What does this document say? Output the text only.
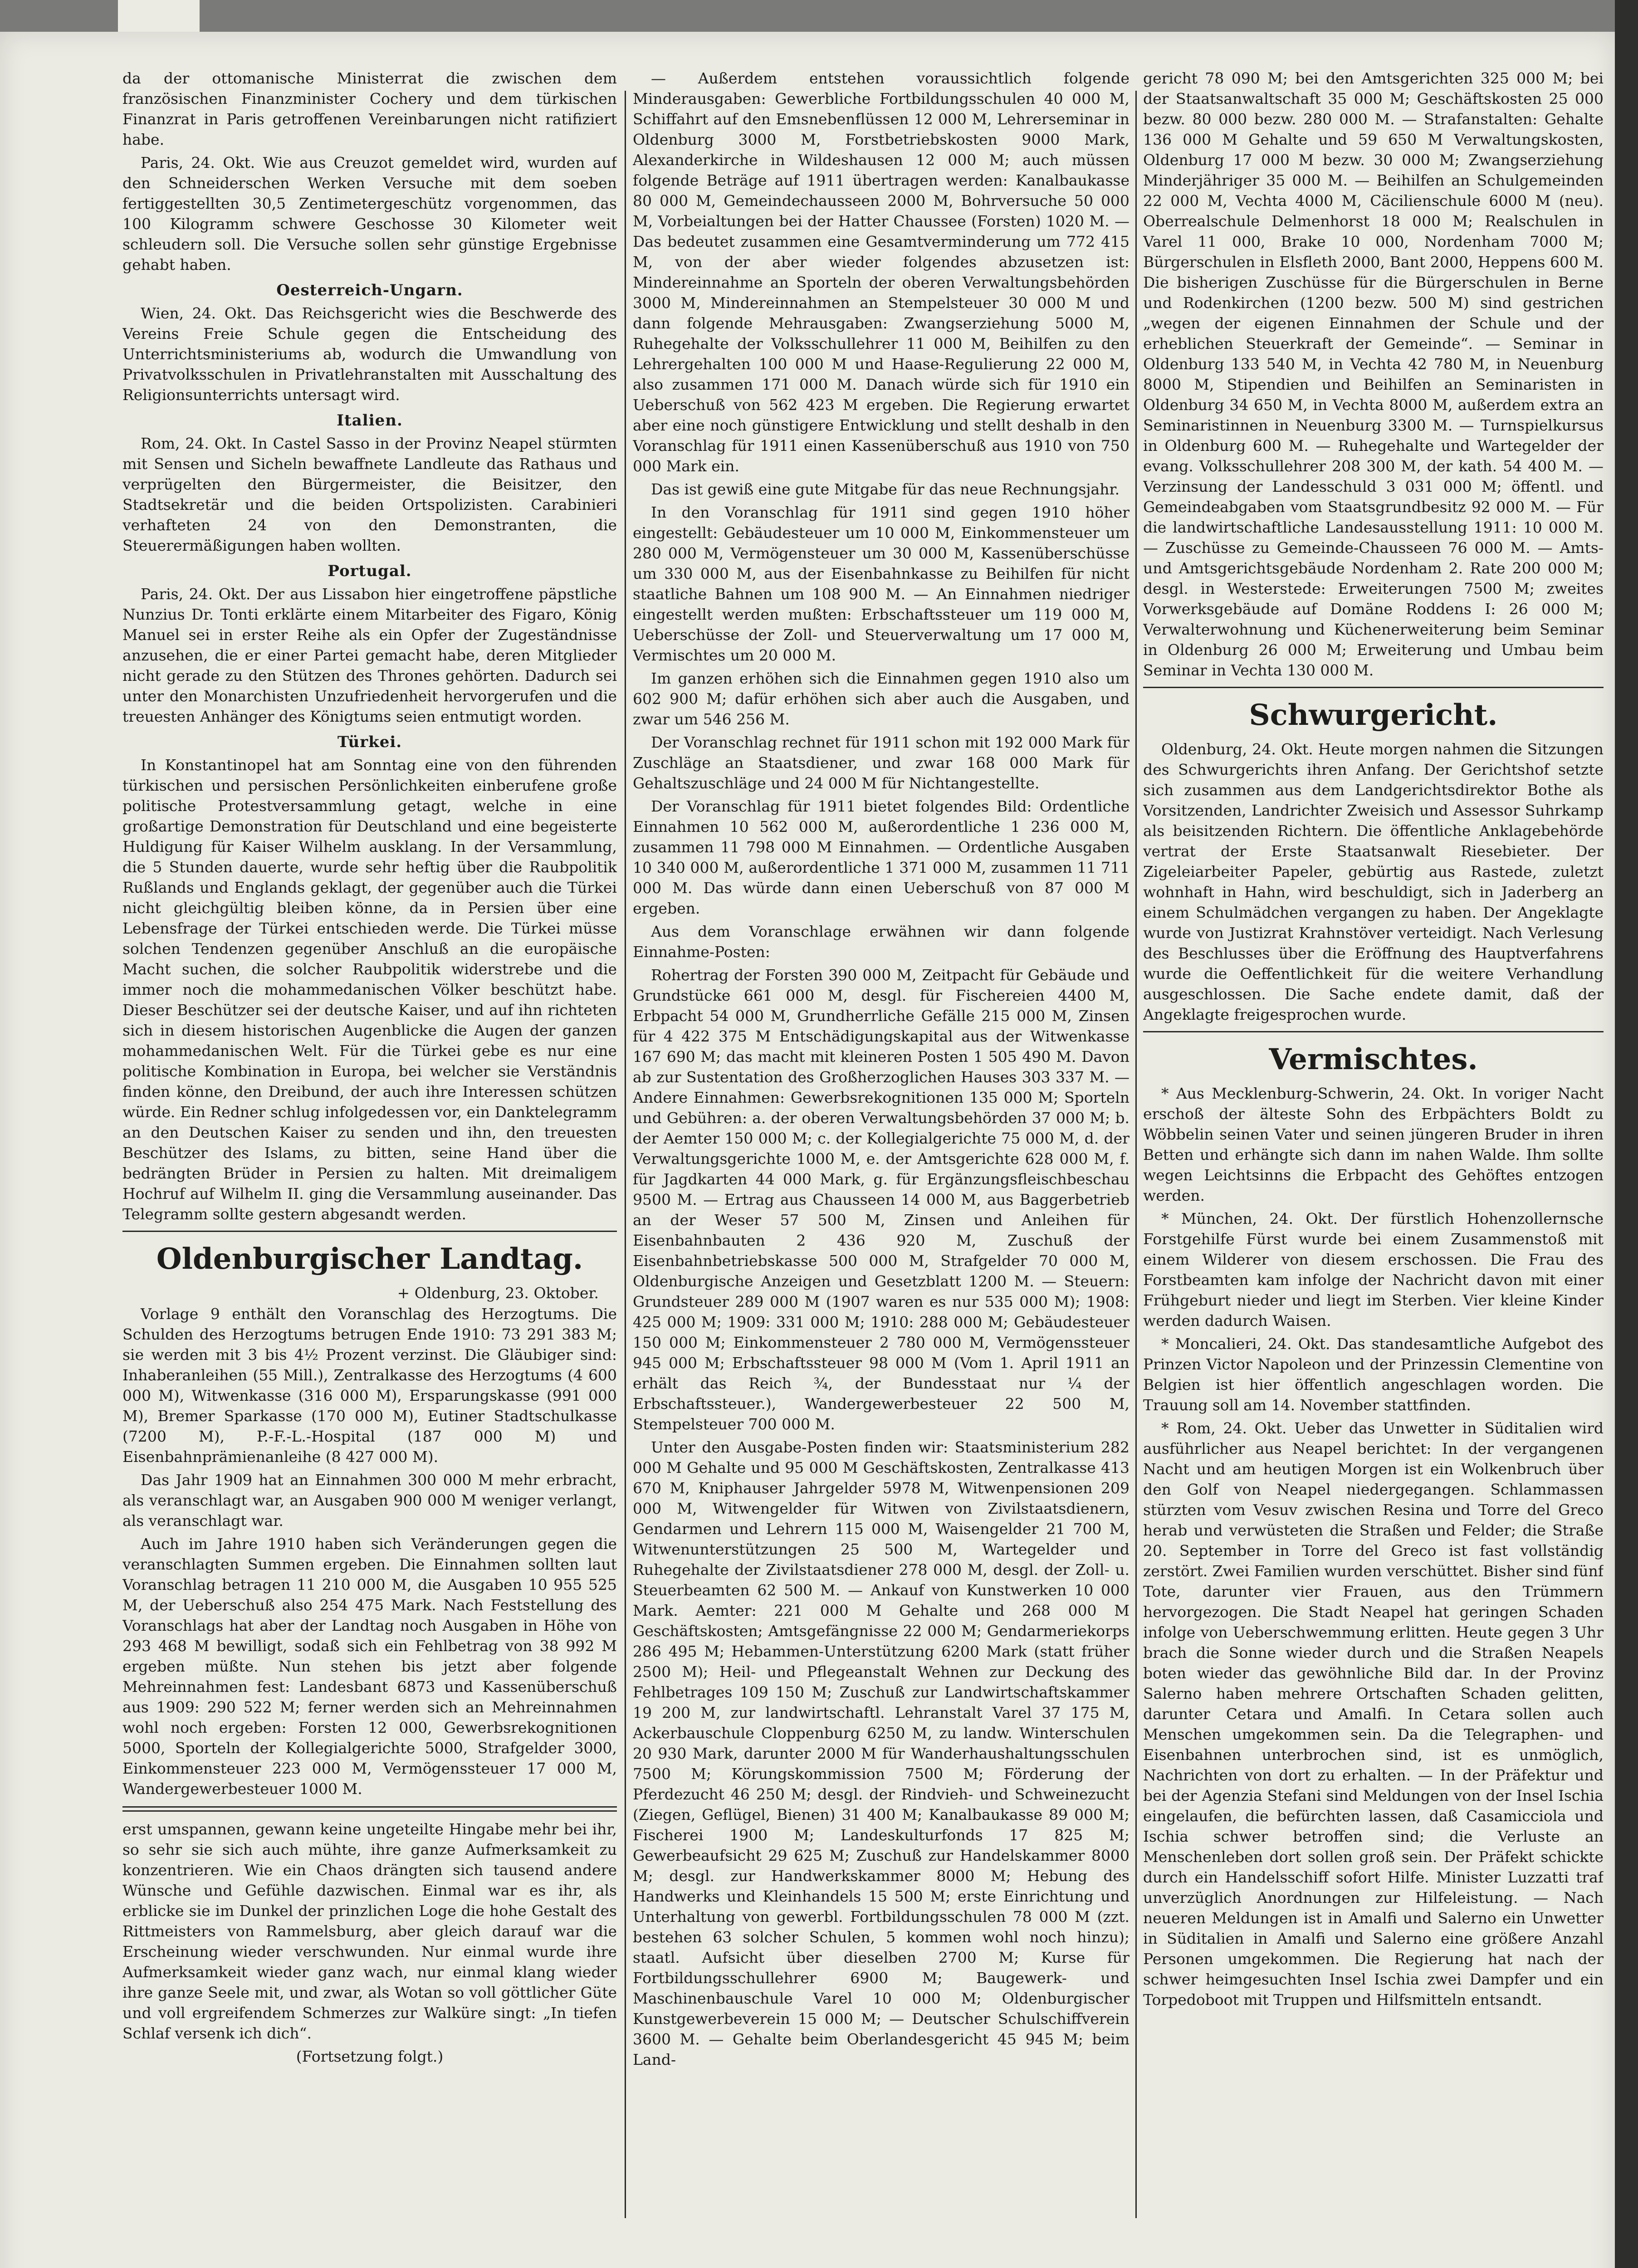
da der ottomanische Ministerrat die zwischen dem französischen Finanzminister Cochery und dem türkischen Finanzrat in Paris getroffenen Vereinbarungen nicht ratifiziert habe.

Paris, 24. Okt. Wie aus Creuzot gemeldet wird, wurden auf den Schneiderschen Werken Versuche mit dem soeben fertiggestellten 30,5 Zentimetergeschütz vorgenommen, das 100 Kilogramm schwere Geschosse 30 Kilometer weit schleudern soll. Die Versuche sollen sehr günstige Ergebnisse gehabt haben.

Oesterreich-Ungarn.

Wien, 24. Okt. Das Reichsgericht wies die Beschwerde des Vereins Freie Schule gegen die Entscheidung des Unterrichtsministeriums ab, wodurch die Umwandlung von Privatvolksschulen in Privatlehranstalten mit Ausschaltung des Religionsunterrichts untersagt wird.

Italien.

Rom, 24. Okt. In Castel Sasso in der Provinz Neapel stürmten mit Sensen und Sicheln bewaffnete Landleute das Rathaus und verprügelten den Bürgermeister, die Beisitzer, den Stadtsekretär und die beiden Ortspolizisten. Carabinieri verhafteten 24 von den Demonstranten, die Steuerermäßigungen haben wollten.

Portugal.

Paris, 24. Okt. Der aus Lissabon hier eingetroffene päpstliche Nunzius Dr. Tonti erklärte einem Mitarbeiter des Figaro, König Manuel sei in erster Reihe als ein Opfer der Zugeständnisse anzusehen, die er einer Partei gemacht habe, deren Mitglieder nicht gerade zu den Stützen des Thrones gehörten. Dadurch sei unter den Monarchisten Unzufriedenheit hervorgerufen und die treuesten Anhänger des Königtums seien entmutigt worden.

Türkei.

In Konstantinopel hat am Sonntag eine von den führenden türkischen und persischen Persönlichkeiten einberufene große politische Protestversammlung getagt, welche in eine großartige Demonstration für Deutschland und eine begeisterte Huldigung für Kaiser Wilhelm ausklang. In der Versammlung, die 5 Stunden dauerte, wurde sehr heftig über die Raubpolitik Rußlands und Englands geklagt, der gegenüber auch die Türkei nicht gleichgültig bleiben könne, da in Persien über eine Lebensfrage der Türkei entschieden werde. Die Türkei müsse solchen Tendenzen gegenüber Anschluß an die europäische Macht suchen, die solcher Raubpolitik widerstrebe und die immer noch die mohammedanischen Völker beschützt habe. Dieser Beschützer sei der deutsche Kaiser, und auf ihn richteten sich in diesem historischen Augenblicke die Augen der ganzen mohammedanischen Welt. Für die Türkei gebe es nur eine politische Kombination in Europa, bei welcher sie Verständnis finden könne, den Dreibund, der auch ihre Interessen schützen würde. Ein Redner schlug infolgedessen vor, ein Danktelegramm an den Deutschen Kaiser zu senden und ihn, den treuesten Beschützer des Islams, zu bitten, seine Hand über die bedrängten Brüder in Persien zu halten. Mit dreimaligem Hochruf auf Wilhelm II. ging die Versammlung auseinander. Das Telegramm sollte gestern abgesandt werden.

Oldenburgischer Landtag.
+ Oldenburg, 23. Oktober.

Vorlage 9 enthält den Voranschlag des Herzogtums. Die Schulden des Herzogtums betrugen Ende 1910: 73 291 383 M; sie werden mit 3 bis 4½ Prozent verzinst. Die Gläubiger sind: Inhaberanleihen (55 Mill.), Zentralkasse des Herzogtums (4 600 000 M), Witwenkasse (316 000 M), Ersparungskasse (991 000 M), Bremer Sparkasse (170 000 M), Eutiner Stadtschulkasse (7200 M), P.-F.-L.-Hospital (187 000 M) und Eisenbahnprämienanleihe (8 427 000 M).

Das Jahr 1909 hat an Einnahmen 300 000 M mehr erbracht, als veranschlagt war, an Ausgaben 900 000 M weniger verlangt, als veranschlagt war.

Auch im Jahre 1910 haben sich Veränderungen gegen die veranschlagten Summen ergeben. Die Einnahmen sollten laut Voranschlag betragen 11 210 000 M, die Ausgaben 10 955 525 M, der Ueberschuß also 254 475 Mark. Nach Feststellung des Voranschlags hat aber der Landtag noch Ausgaben in Höhe von 293 468 M bewilligt, sodaß sich ein Fehlbetrag von 38 992 M ergeben müßte. Nun stehen bis jetzt aber folgende Mehreinnahmen fest: Landesbant 6873 und Kassenüberschuß aus 1909: 290 522 M; ferner werden sich an Mehreinnahmen wohl noch ergeben: Forsten 12 000, Gewerbsrekognitionen 5000, Sporteln der Kollegialgerichte 5000, Strafgelder 3000, Einkommensteuer 223 000 M, Vermögenssteuer 17 000 M, Wandergewerbesteuer 1000 M.

erst umspannen, gewann keine ungeteilte Hingabe mehr bei ihr, so sehr sie sich auch mühte, ihre ganze Aufmerksamkeit zu konzentrieren. Wie ein Chaos drängten sich tausend andere Wünsche und Gefühle dazwischen. Einmal war es ihr, als erblicke sie im Dunkel der prinzlichen Loge die hohe Gestalt des Rittmeisters von Rammelsburg, aber gleich darauf war die Erscheinung wieder verschwunden. Nur einmal wurde ihre Aufmerksamkeit wieder ganz wach, nur einmal klang wieder ihre ganze Seele mit, und zwar, als Wotan so voll göttlicher Güte und voll ergreifendem Schmerzes zur Walküre singt: „In tiefen Schlaf versenk ich dich“.

(Fortsetzung folgt.)

— Außerdem entstehen voraussichtlich folgende Minderausgaben: Gewerbliche Fortbildungsschulen 40 000 M, Schiffahrt auf den Emsnebenflüssen 12 000 M, Lehrerseminar in Oldenburg 3000 M, Forstbetriebskosten 9000 Mark, Alexanderkirche in Wildeshausen 12 000 M; auch müssen folgende Beträge auf 1911 übertragen werden: Kanalbaukasse 80 000 M, Gemeindechausseen 2000 M, Bohrversuche 50 000 M, Vorbeialtungen bei der Hatter Chaussee (Forsten) 1020 M. — Das bedeutet zusammen eine Gesamtverminderung um 772 415 M, von der aber wieder folgendes abzusetzen ist: Mindereinnahme an Sporteln der oberen Verwaltungsbehörden 3000 M, Mindereinnahmen an Stempelsteuer 30 000 M und dann folgende Mehrausgaben: Zwangserziehung 5000 M, Ruhegehalte der Volksschullehrer 11 000 M, Beihilfen zu den Lehrergehalten 100 000 M und Haase-Regulierung 22 000 M, also zusammen 171 000 M. Danach würde sich für 1910 ein Ueberschuß von 562 423 M ergeben. Die Regierung erwartet aber eine noch günstigere Entwicklung und stellt deshalb in den Voranschlag für 1911 einen Kassenüberschuß aus 1910 von 750 000 Mark ein.

Das ist gewiß eine gute Mitgabe für das neue Rechnungsjahr.

In den Voranschlag für 1911 sind gegen 1910 höher eingestellt: Gebäudesteuer um 10 000 M, Einkommensteuer um 280 000 M, Vermögensteuer um 30 000 M, Kassenüberschüsse um 330 000 M, aus der Eisenbahnkasse zu Beihilfen für nicht staatliche Bahnen um 108 900 M. — An Einnahmen niedriger eingestellt werden mußten: Erbschaftssteuer um 119 000 M, Ueberschüsse der Zoll- und Steuerverwaltung um 17 000 M, Vermischtes um 20 000 M.

Im ganzen erhöhen sich die Einnahmen gegen 1910 also um 602 900 M; dafür erhöhen sich aber auch die Ausgaben, und zwar um 546 256 M.

Der Voranschlag rechnet für 1911 schon mit 192 000 Mark für Zuschläge an Staatsdiener, und zwar 168 000 Mark für Gehaltszuschläge und 24 000 M für Nichtangestellte.

Der Voranschlag für 1911 bietet folgendes Bild: Ordentliche Einnahmen 10 562 000 M, außerordentliche 1 236 000 M, zusammen 11 798 000 M Einnahmen. — Ordentliche Ausgaben 10 340 000 M, außerordentliche 1 371 000 M, zusammen 11 711 000 M. Das würde dann einen Ueberschuß von 87 000 M ergeben.

Aus dem Voranschlage erwähnen wir dann folgende Einnahme-Posten:

Rohertrag der Forsten 390 000 M, Zeitpacht für Gebäude und Grundstücke 661 000 M, desgl. für Fischereien 4400 M, Erbpacht 54 000 M, Grundherrliche Gefälle 215 000 M, Zinsen für 4 422 375 M Entschädigungskapital aus der Witwenkasse 167 690 M; das macht mit kleineren Posten 1 505 490 M. Davon ab zur Sustentation des Großherzoglichen Hauses 303 337 M. — Andere Einnahmen: Gewerbsrekognitionen 135 000 M; Sporteln und Gebühren: a. der oberen Verwaltungsbehörden 37 000 M; b. der Aemter 150 000 M; c. der Kollegialgerichte 75 000 M, d. der Verwaltungsgerichte 1000 M, e. der Amtsgerichte 628 000 M, f. für Jagdkarten 44 000 Mark, g. für Ergänzungsfleischbeschau 9500 M. — Ertrag aus Chausseen 14 000 M, aus Baggerbetrieb an der Weser 57 500 M, Zinsen und Anleihen für Eisenbahnbauten 2 436 920 M, Zuschuß der Eisenbahnbetriebskasse 500 000 M, Strafgelder 70 000 M, Oldenburgische Anzeigen und Gesetzblatt 1200 M. — Steuern: Grundsteuer 289 000 M (1907 waren es nur 535 000 M); 1908: 425 000 M; 1909: 331 000 M; 1910: 288 000 M; Gebäudesteuer 150 000 M; Einkommensteuer 2 780 000 M, Vermögenssteuer 945 000 M; Erbschaftssteuer 98 000 M (Vom 1. April 1911 an erhält das Reich ¾, der Bundesstaat nur ¼ der Erbschaftssteuer.), Wandergewerbesteuer 22 500 M, Stempelsteuer 700 000 M.

Unter den Ausgabe-Posten finden wir: Staatsministerium 282 000 M Gehalte und 95 000 M Geschäftskosten, Zentralkasse 413 670 M, Kniphauser Jahrgelder 5978 M, Witwenpensionen 209 000 M, Witwengelder für Witwen von Zivilstaatsdienern, Gendarmen und Lehrern 115 000 M, Waisengelder 21 700 M, Witwenunterstützungen 25 500 M, Wartegelder und Ruhegehalte der Zivilstaatsdiener 278 000 M, desgl. der Zoll- u. Steuerbeamten 62 500 M. — Ankauf von Kunstwerken 10 000 Mark. Aemter: 221 000 M Gehalte und 268 000 M Geschäftskosten; Amtsgefängnisse 22 000 M; Gendarmeriekorps 286 495 M; Hebammen-Unterstützung 6200 Mark (statt früher 2500 M); Heil- und Pflegeanstalt Wehnen zur Deckung des Fehlbetrages 109 150 M; Zuschuß zur Landwirtschaftskammer 19 200 M, zur landwirtschaftl. Lehranstalt Varel 37 175 M, Ackerbauschule Cloppenburg 6250 M, zu landw. Winterschulen 20 930 Mark, darunter 2000 M für Wanderhaushaltungsschulen 7500 M; Körungskommission 7500 M; Förderung der Pferdezucht 46 250 M; desgl. der Rindvieh- und Schweinezucht (Ziegen, Geflügel, Bienen) 31 400 M; Kanalbaukasse 89 000 M; Fischerei 1900 M; Landeskulturfonds 17 825 M; Gewerbeaufsicht 29 625 M; Zuschuß zur Handelskammer 8000 M; desgl. zur Handwerkskammer 8000 M; Hebung des Handwerks und Kleinhandels 15 500 M; erste Einrichtung und Unterhaltung von gewerbl. Fortbildungsschulen 78 000 M (zzt. bestehen 63 solcher Schulen, 5 kommen wohl noch hinzu); staatl. Aufsicht über dieselben 2700 M; Kurse für Fortbildungsschullehrer 6900 M; Baugewerk- und Maschinenbauschule Varel 10 000 M; Oldenburgischer Kunstgewerbeverein 15 000 M; — Deutscher Schulschiffverein 3600 M. — Gehalte beim Oberlandesgericht 45 945 M; beim Land-

gericht 78 090 M; bei den Amtsgerichten 325 000 M; bei der Staatsanwaltschaft 35 000 M; Geschäftskosten 25 000 bezw. 80 000 bezw. 280 000 M. — Strafanstalten: Gehalte 136 000 M Gehalte und 59 650 M Verwaltungskosten, Oldenburg 17 000 M bezw. 30 000 M; Zwangserziehung Minderjähriger 35 000 M. — Beihilfen an Schulgemeinden 22 000 M, Vechta 4000 M, Cäcilienschule 6000 M (neu). Oberrealschule Delmenhorst 18 000 M; Realschulen in Varel 11 000, Brake 10 000, Nordenham 7000 M; Bürgerschulen in Elsfleth 2000, Bant 2000, Heppens 600 M. Die bisherigen Zuschüsse für die Bürgerschulen in Berne und Rodenkirchen (1200 bezw. 500 M) sind gestrichen „wegen der eigenen Einnahmen der Schule und der erheblichen Steuerkraft der Gemeinde“. — Seminar in Oldenburg 133 540 M, in Vechta 42 780 M, in Neuenburg 8000 M, Stipendien und Beihilfen an Seminaristen in Oldenburg 34 650 M, in Vechta 8000 M, außerdem extra an Seminaristinnen in Neuenburg 3300 M. — Turnspielkursus in Oldenburg 600 M. — Ruhegehalte und Wartegelder der evang. Volksschullehrer 208 300 M, der kath. 54 400 M. — Verzinsung der Landesschuld 3 031 000 M; öffentl. und Gemeindeabgaben vom Staatsgrundbesitz 92 000 M. — Für die landwirtschaftliche Landesausstellung 1911: 10 000 M. — Zuschüsse zu Gemeinde-Chausseen 76 000 M. — Amts- und Amtsgerichtsgebäude Nordenham 2. Rate 200 000 M; desgl. in Westerstede: Erweiterungen 7500 M; zweites Vorwerksgebäude auf Domäne Roddens I: 26 000 M; Verwalterwohnung und Küchenerweiterung beim Seminar in Oldenburg 26 000 M; Erweiterung und Umbau beim Seminar in Vechta 130 000 M.

Schwurgericht.

Oldenburg, 24. Okt. Heute morgen nahmen die Sitzungen des Schwurgerichts ihren Anfang. Der Gerichtshof setzte sich zusammen aus dem Landgerichtsdirektor Bothe als Vorsitzenden, Landrichter Zweisich und Assessor Suhrkamp als beisitzenden Richtern. Die öffentliche Anklagebehörde vertrat der Erste Staatsanwalt Riesebieter. Der Zigeleiarbeiter Papeler, gebürtig aus Rastede, zuletzt wohnhaft in Hahn, wird beschuldigt, sich in Jaderberg an einem Schulmädchen vergangen zu haben. Der Angeklagte wurde von Justizrat Krahnstöver verteidigt. Nach Verlesung des Beschlusses über die Eröffnung des Hauptverfahrens wurde die Oeffentlichkeit für die weitere Verhandlung ausgeschlossen. Die Sache endete damit, daß der Angeklagte freigesprochen wurde.

Vermischtes.

* Aus Mecklenburg-Schwerin, 24. Okt. In voriger Nacht erschoß der älteste Sohn des Erbpächters Boldt zu Wöbbelin seinen Vater und seinen jüngeren Bruder in ihren Betten und erhängte sich dann im nahen Walde. Ihm sollte wegen Leichtsinns die Erbpacht des Gehöftes entzogen werden.

* München, 24. Okt. Der fürstlich Hohenzollernsche Forstgehilfe Fürst wurde bei einem Zusammenstoß mit einem Wilderer von diesem erschossen. Die Frau des Forstbeamten kam infolge der Nachricht davon mit einer Frühgeburt nieder und liegt im Sterben. Vier kleine Kinder werden dadurch Waisen.

* Moncalieri, 24. Okt. Das standesamtliche Aufgebot des Prinzen Victor Napoleon und der Prinzessin Clementine von Belgien ist hier öffentlich angeschlagen worden. Die Trauung soll am 14. November stattfinden.

* Rom, 24. Okt. Ueber das Unwetter in Süditalien wird ausführlicher aus Neapel berichtet: In der vergangenen Nacht und am heutigen Morgen ist ein Wolkenbruch über den Golf von Neapel niedergegangen. Schlammassen stürzten vom Vesuv zwischen Resina und Torre del Greco herab und verwüsteten die Straßen und Felder; die Straße 20. September in Torre del Greco ist fast vollständig zerstört. Zwei Familien wurden verschüttet. Bisher sind fünf Tote, darunter vier Frauen, aus den Trümmern hervorgezogen. Die Stadt Neapel hat geringen Schaden infolge von Ueberschwemmung erlitten. Heute gegen 3 Uhr brach die Sonne wieder durch und die Straßen Neapels boten wieder das gewöhnliche Bild dar. In der Provinz Salerno haben mehrere Ortschaften Schaden gelitten, darunter Cetara und Amalfi. In Cetara sollen auch Menschen umgekommen sein. Da die Telegraphen- und Eisenbahnen unterbrochen sind, ist es unmöglich, Nachrichten von dort zu erhalten. — In der Präfektur und bei der Agenzia Stefani sind Meldungen von der Insel Ischia eingelaufen, die befürchten lassen, daß Casamicciola und Ischia schwer betroffen sind; die Verluste an Menschenleben dort sollen groß sein. Der Präfekt schickte durch ein Handelsschiff sofort Hilfe. Minister Luzzatti traf unverzüglich Anordnungen zur Hilfeleistung. — Nach neueren Meldungen ist in Amalfi und Salerno ein Unwetter in Süditalien in Amalfi und Salerno eine größere Anzahl Personen umgekommen. Die Regierung hat nach der schwer heimgesuchten Insel Ischia zwei Dampfer und ein Torpedoboot mit Truppen und Hilfsmitteln entsandt.
